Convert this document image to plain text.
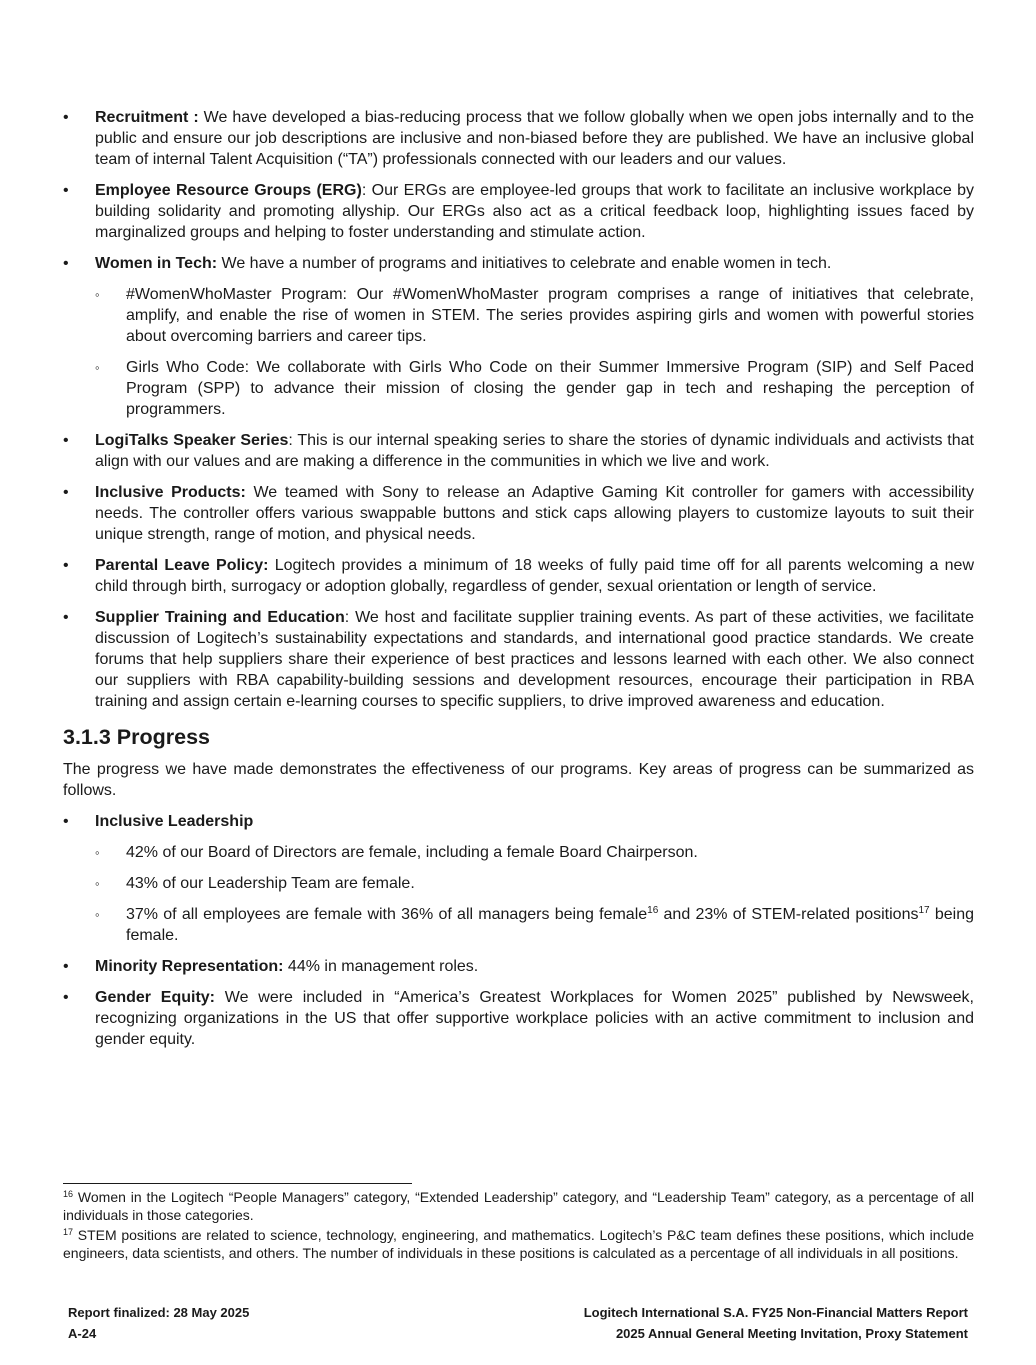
•	Recruitment : We have developed a bias-reducing process that we follow globally when we open jobs internally and to the public and ensure our job descriptions are inclusive and non-biased before they are published. We have an inclusive global team of internal Talent Acquisition (“TA”) professionals connected with our leaders and our values.

•	Employee Resource Groups (ERG): Our ERGs are employee-led groups that work to facilitate an inclusive workplace by building solidarity and promoting allyship. Our ERGs also act as a critical feedback loop, highlighting issues faced by marginalized groups and helping to foster understanding and stimulate action.

•	Women in Tech: We have a number of programs and initiatives to celebrate and enable women in tech.

◦	#WomenWhoMaster Program: Our #WomenWhoMaster program comprises a range of initiatives that celebrate, amplify, and enable the rise of women in STEM. The series provides aspiring girls and women with powerful stories about overcoming barriers and career tips.

◦	Girls Who Code: We collaborate with Girls Who Code on their Summer Immersive Program (SIP) and Self Paced Program (SPP) to advance their mission of closing the gender gap in tech and reshaping the perception of programmers.

•	LogiTalks Speaker Series: This is our internal speaking series to share the stories of dynamic individuals and activists that align with our values and are making a difference in the communities in which we live and work.

•	Inclusive Products: We teamed with Sony to release an Adaptive Gaming Kit controller for gamers with accessibility needs. The controller offers various swappable buttons and stick caps allowing players to customize layouts to suit their unique strength, range of motion, and physical needs.

•	Parental Leave Policy: Logitech provides a minimum of 18 weeks of fully paid time off for all parents welcoming a new child through birth, surrogacy or adoption globally, regardless of gender, sexual orientation or length of service.

•	Supplier Training and Education: We host and facilitate supplier training events. As part of these activities, we facilitate discussion of Logitech’s sustainability expectations and standards, and international good practice standards. We create forums that help suppliers share their experience of best practices and lessons learned with each other. We also connect our suppliers with RBA capability-building sessions and development resources, encourage their participation in RBA training and assign certain e-learning courses to specific suppliers, to drive improved awareness and education.

3.1.3 Progress

The progress we have made demonstrates the effectiveness of our programs. Key areas of progress can be summarized as follows.

•	Inclusive Leadership

◦	42% of our Board of Directors are female, including a female Board Chairperson.

◦	43% of our Leadership Team are female.

◦	37% of all employees are female with 36% of all managers being female$^{16}$ and 23% of STEM-related positions$^{17}$ being female.

•	Minority Representation: 44% in management roles.

•	Gender Equity: We were included in “America’s Greatest Workplaces for Women 2025” published by Newsweek, recognizing organizations in the US that offer supportive workplace policies with an active commitment to inclusion and gender equity.

$^{16}$ Women in the Logitech “People Managers” category, “Extended Leadership” category, and “Leadership Team” category, as a percentage of all individuals in those categories.

$^{17}$ STEM positions are related to science, technology, engineering, and mathematics. Logitech’s P&C team defines these positions, which include engineers, data scientists, and others. The number of individuals in these positions is calculated as a percentage of all individuals in all positions.

Report finalized: 28 May 2025	Logitech International S.A. FY25 Non-Financial Matters Report
A-24	2025 Annual General Meeting Invitation, Proxy Statement
